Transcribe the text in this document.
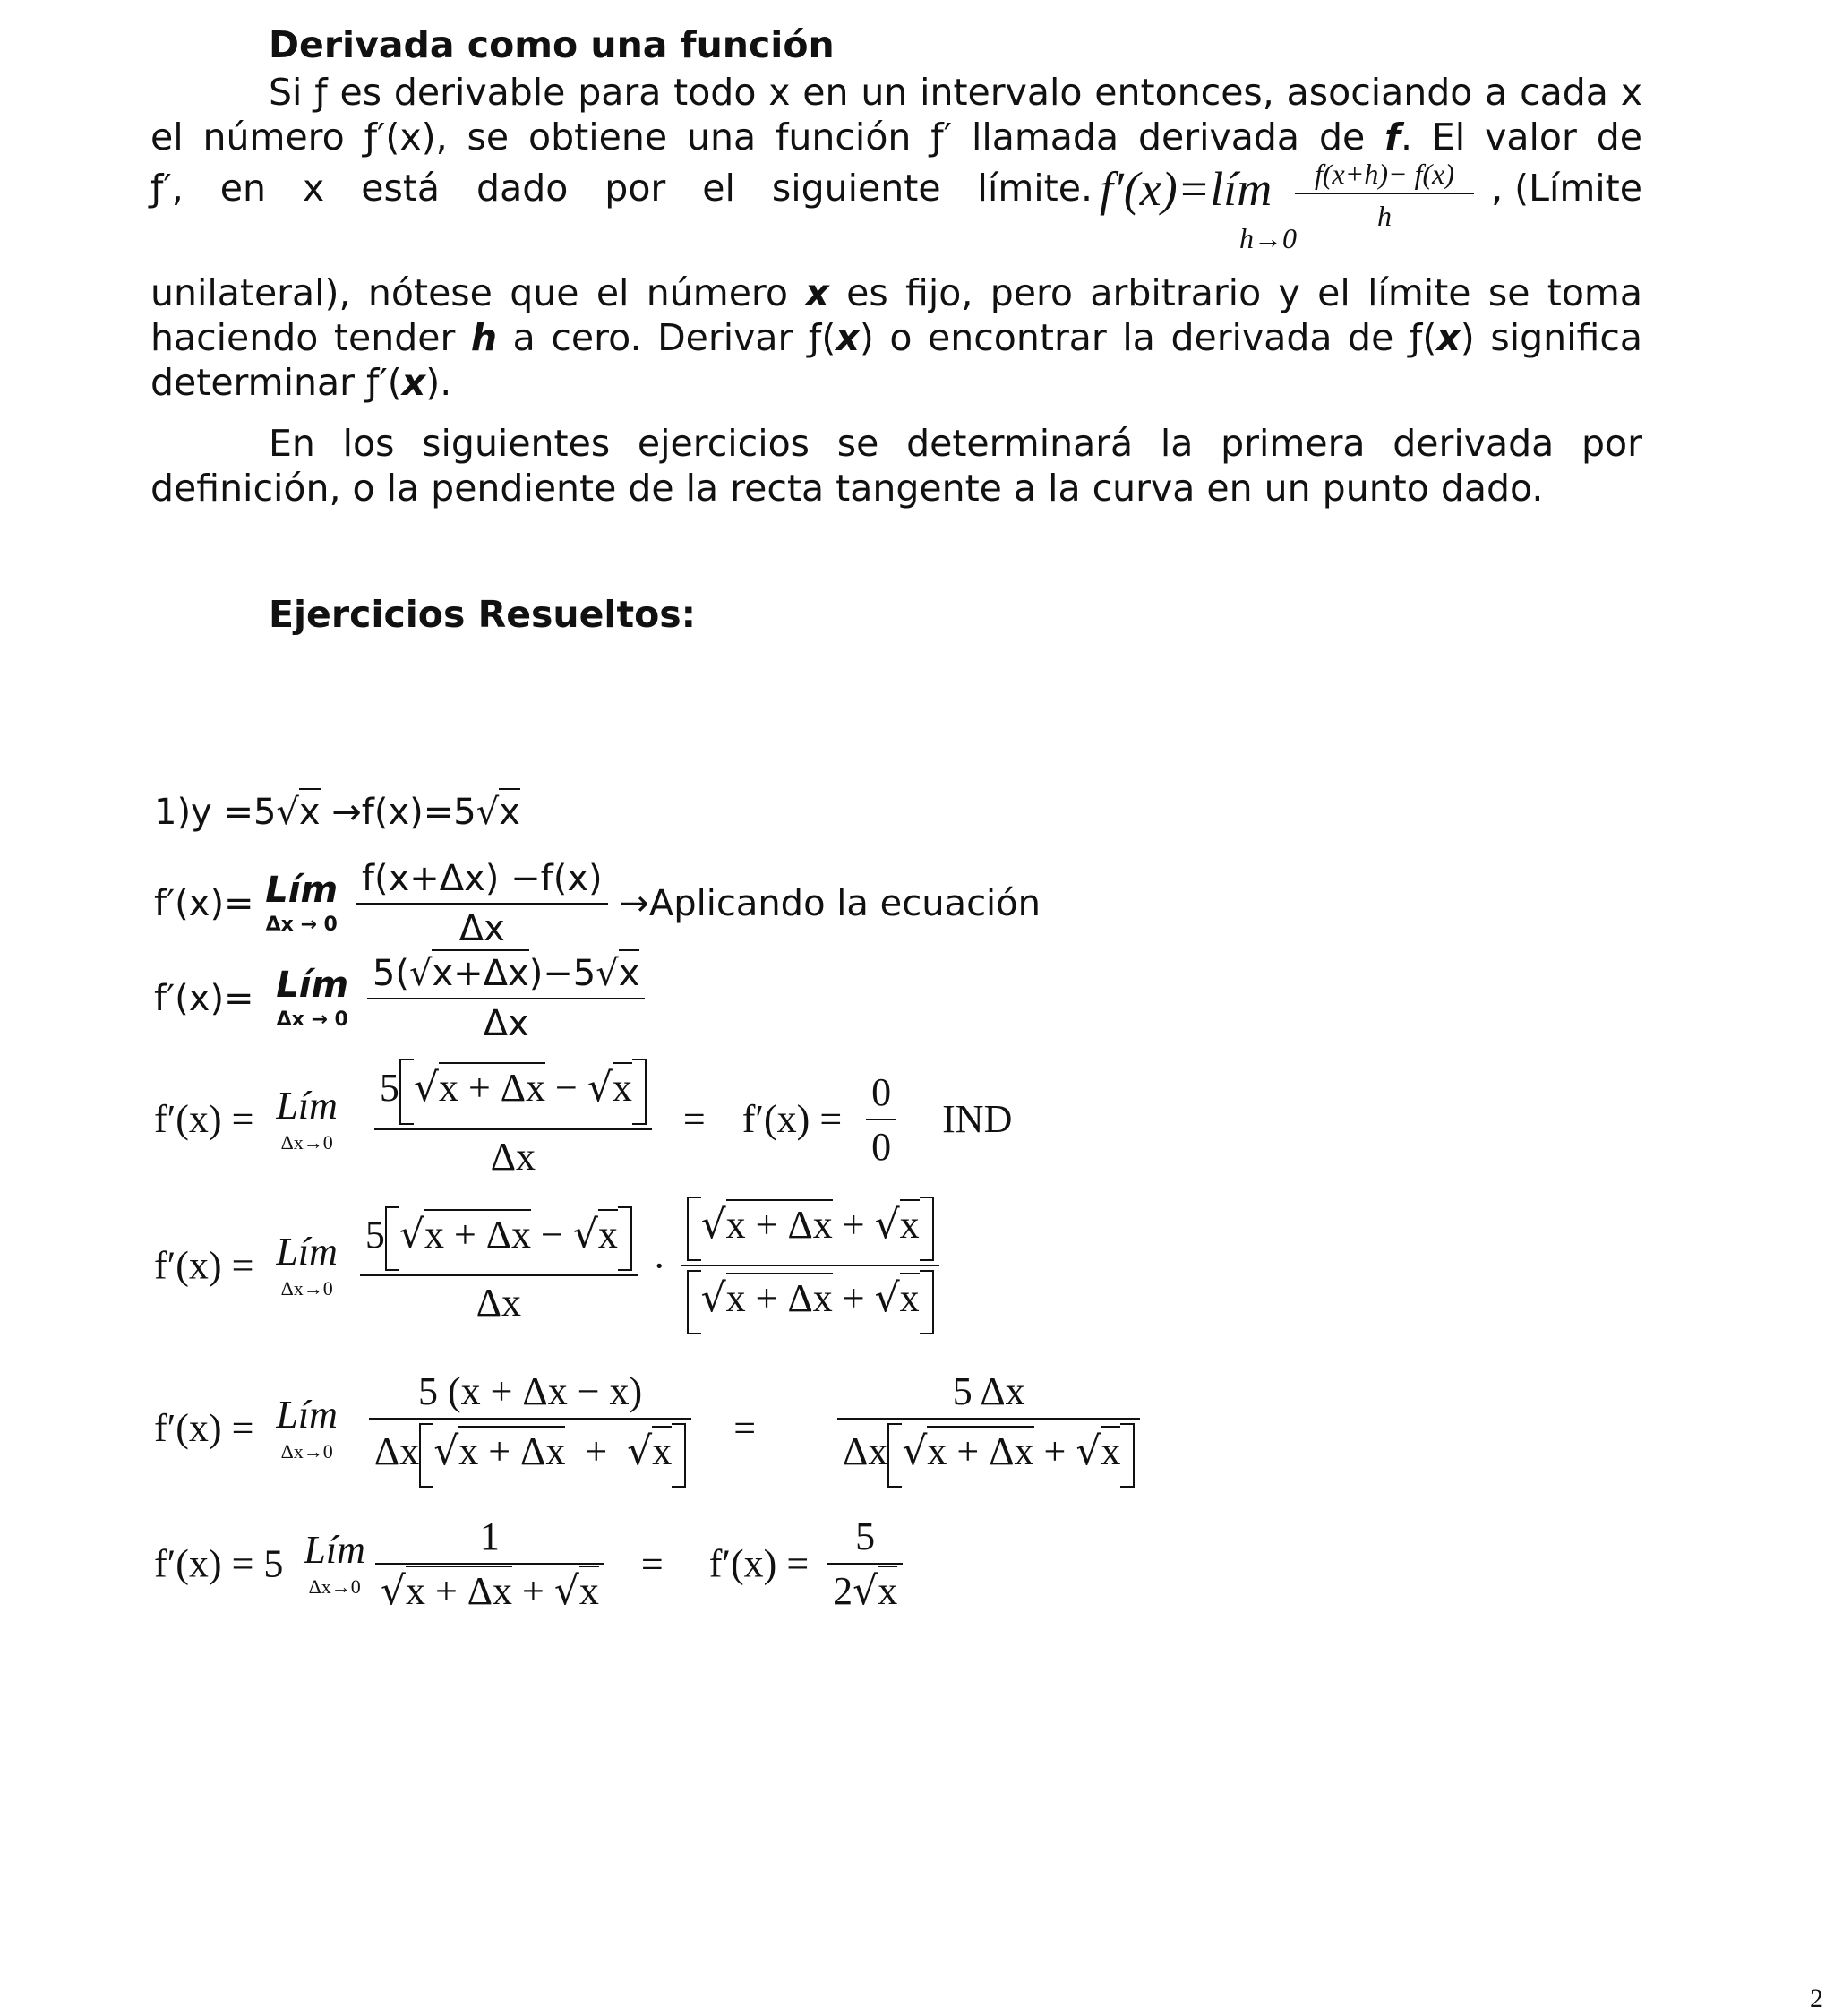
Derivada como una función
Si ƒ es derivable para todo x en un intervalo entonces, asociando a cada x
el número ƒ′(x), se obtiene una función ƒ′ llamada derivada de f. El valor de
ƒ′, en x está dado por el siguiente límite. f′(x)=lím
h→0
$\frac{f(x+h)- f(x)}{h}$ , (Límite
unilateral), nótese que el número x es fijo, pero arbitrario y el límite se toma
haciendo tender h a cero. Derivar ƒ(x) o encontrar la derivada de ƒ(x) significa
determinar ƒ′(x).
En los siguientes ejercicios se determinará la primera derivada por
definición, o la pendiente de la recta tangente a la curva en un punto dado.
Ejercicios Resueltos:
1)y =5√x →f(x)=5√x
f′(x)= Lím
Δx → 0
$\frac{f(x+\Delta x) -f(x)}{\Delta x}$ →Aplicando la ecuación
f′(x)= Lím
Δx → 0
$\frac{5(√x+\Delta x)-5√x}{\Delta x}$
f′(x) = Lím
Δx→0
$\frac{5 √x + \Delta x - √x}{\Delta x} = f'(x) = \frac{0}{0}$ IND
f′(x) = Lím
Δx→0
$\frac{5 √x + \Delta x - √x}{\Delta x} \cdot \frac{√x + \Delta x + √x}{√x + \Delta x + √x}$
f′(x) = Lím
Δx→0
$\frac{5 (x + \Delta x - x)}{\Delta x √x + \Delta x + √x} = \frac{5 \Delta x}{\Delta x √x + \Delta x + √x}$
f′(x) = 5 Lím
Δx→0
$\frac{1}{√x + \Delta x + √x} = f'(x) = \frac{5}{2√x}$
2
